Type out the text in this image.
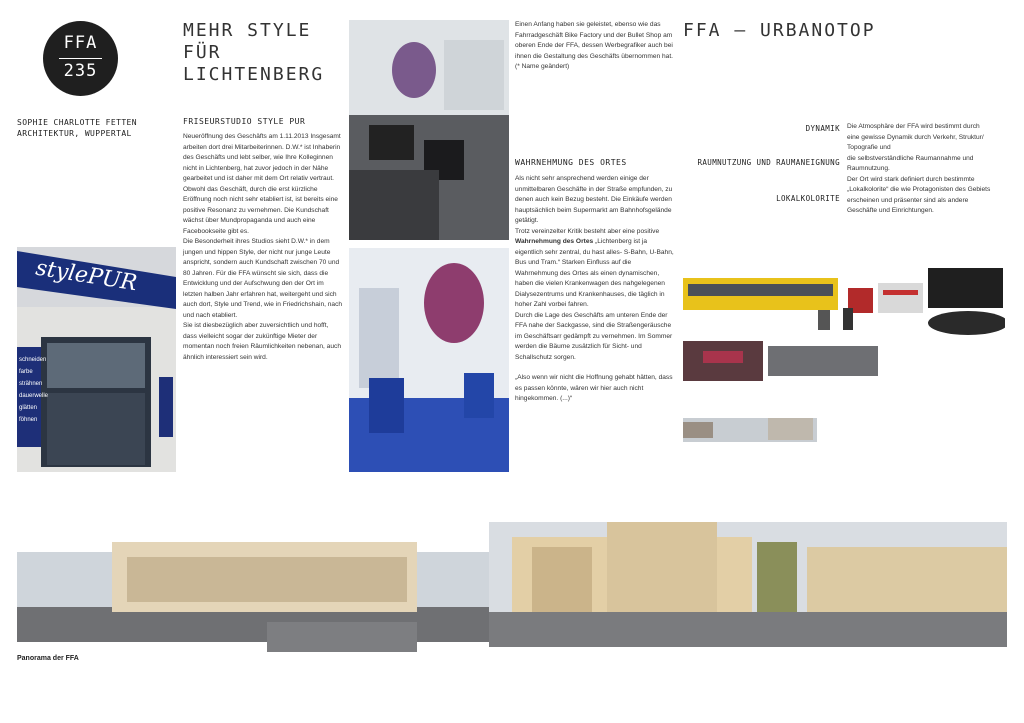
FFA
235
SOPHIE CHARLOTTE FETTEN
ARCHITEKTUR, WUPPERTAL
MEHR STYLE FÜR
LICHTENBERG
FRISEURSTUDIO STYLE PUR

Neueröffnung des Geschäfts am 1.11.2013 Insgesamt arbeiten dort drei Mitarbeiterinnen. D.W.* ist Inhaberin des Geschäfts und lebt selber, wie Ihre Kolleginnen nicht in Lichtenberg, hat zuvor jedoch in der Nähe gearbeitet und ist daher mit dem Ort relativ vertraut. Obwohl das Geschäft, durch die erst kürzliche Eröffnung noch nicht sehr etabliert ist, ist bereits eine positive Resonanz zu vernehmen. Die Kundschaft wächst über Mundpropaganda und auch eine Facebookseite gibt es.

Die Besonderheit ihres Studios sieht D.W.* in dem jungen und hippen Style, der nicht nur junge Leute anspricht, sondern auch Kundschaft zwischen 70 und 80 Jahren. Für die FFA wünscht sie sich, dass die Entwicklung und der Aufschwung den der Ort im letzten halben Jahr erfahren hat, weitergeht und sich auch dort, Style und Trend, wie in Friedrichshain, nach und nach etabliert.

Sie ist diesbezüglich aber zuversichtlich und hofft, dass vielleicht sogar der zukünftige Mieter der momentan noch freien Räumlichkeiten nebenan, auch ähnlich interessiert sein wird.

stylePUR
schneiden
farbe
strähnen
dauerwelle
glätten
föhnen
Einen Anfang haben sie geleistet, ebenso wie das Fahrradgeschäft Bike Factory und der Bullet Shop am oberen Ende der FFA, dessen Werbegrafiker auch bei ihnen die Gestaltung des Geschäfts übernommen hat. (* Name geändert)
WAHRNEHMUNG DES ORTES

Als nicht sehr ansprechend werden einige der unmittelbaren Geschäfte in der Straße empfunden, zu denen auch kein Bezug besteht. Die Einkäufe werden hauptsächlich beim Supermarkt am Bahnhofsgelände getätigt.

Trotz vereinzelter Kritik besteht aber eine positive Wahrnehmung des Ortes „Lichtenberg ist ja eigentlich sehr zentral, du hast alles- S-Bahn, U-Bahn, Bus und Tram.“ Starken Einfluss auf die Wahrnehmung des Ortes als einen dynamischen, haben die vielen Krankenwagen des nahgelegenen Dialysezentrums und Krankenhauses, die täglich in hoher Zahl vorbei fahren.

Durch die Lage des Geschäfts am unteren Ende der FFA nahe der Sackgasse, sind die Straßengeräusche im Geschäftsarr gedämpft zu vernehmen. Im Sommer werden die Bäume zusätzlich für Sicht- und Schallschutz sorgen.

„Also wenn wir nicht die Hoffnung gehabt hätten, dass es passen könnte, wären wir hier auch nicht hingekommen. (...)“

FFA – URBANOTOP
DYNAMIK
RAUMNUTZUNG UND RAUMANEIGNUNG
LOKALKOLORITE

Die Atmosphäre der FFA wird bestimmt durch eine gewisse Dynamik durch Verkehr, Struktur/ Topografie und

die selbstverständliche Raumannahme und Raumnutzung.

Der Ort wird stark definiert durch bestimmte „Lokalkolorite“ die wie Protagonisten des Gebiets erscheinen und präsenter sind als andere Geschäfte und Einrichtungen.

Panorama der FFA
